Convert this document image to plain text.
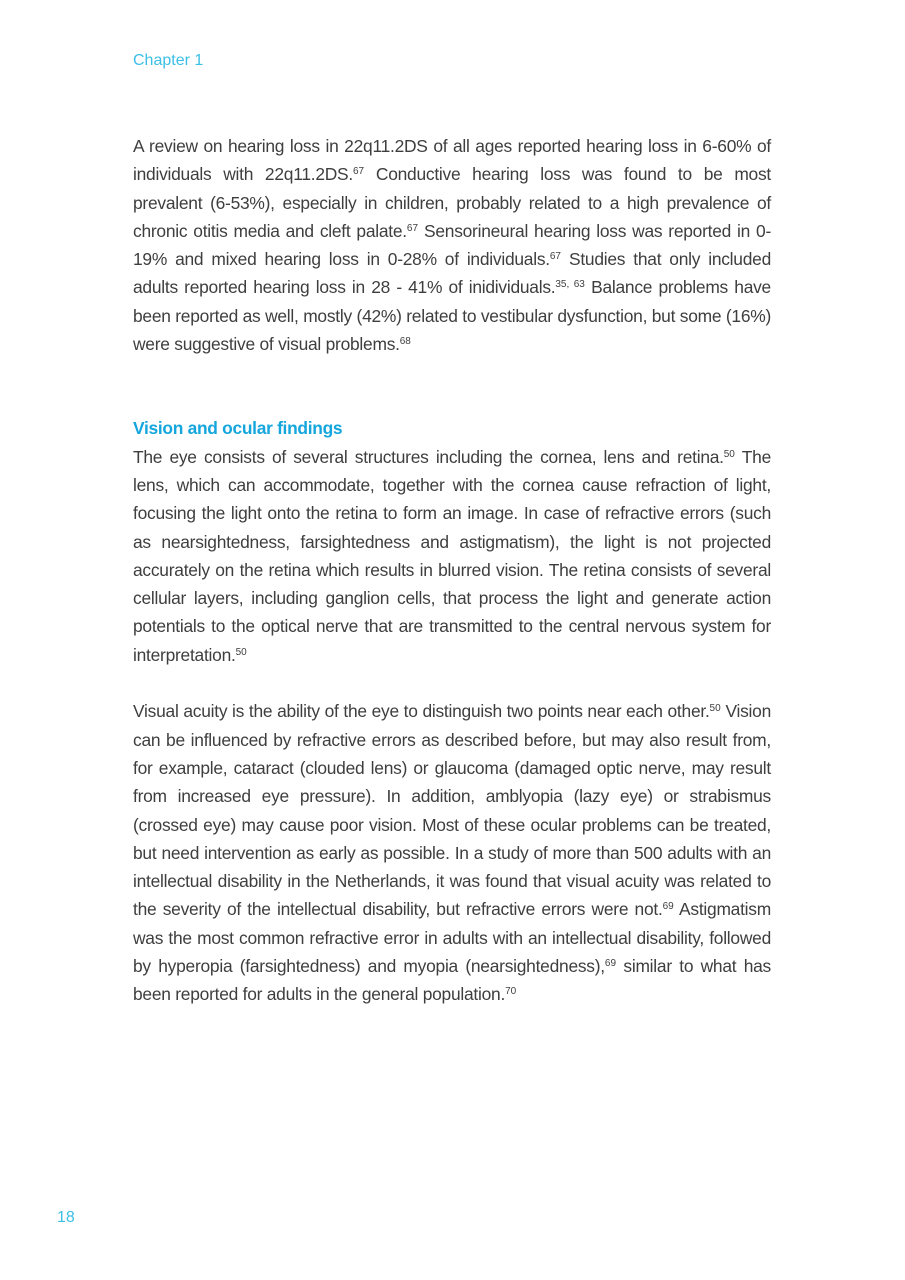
Chapter 1

A review on hearing loss in 22q11.2DS of all ages reported hearing loss in 6-60% of individuals with 22q11.2DS.$^{67}$ Conductive hearing loss was found to be most prevalent (6-53%), especially in children, probably related to a high prevalence of chronic otitis media and cleft palate.$^{67}$ Sensorineural hearing loss was reported in 0-19% and mixed hearing loss in 0-28% of individuals.$^{67}$ Studies that only included adults reported hearing loss in 28 - 41% of inidividuals.$^{35, 63}$ Balance problems have been reported as well, mostly (42%) related to vestibular dysfunction, but some (16%) were suggestive of visual problems.$^{68}$

Vision and ocular findings

The eye consists of several structures including the cornea, lens and retina.$^{50}$ The lens, which can accommodate, together with the cornea cause refraction of light, focusing the light onto the retina to form an image. In case of refractive errors (such as nearsightedness, farsightedness and astigmatism), the light is not projected accurately on the retina which results in blurred vision. The retina consists of several cellular layers, including ganglion cells, that process the light and generate action potentials to the optical nerve that are transmitted to the central nervous system for interpretation.$^{50}$

Visual acuity is the ability of the eye to distinguish two points near each other.$^{50}$ Vision can be influenced by refractive errors as described before, but may also result from, for example, cataract (clouded lens) or glaucoma (damaged optic nerve, may result from increased eye pressure). In addition, amblyopia (lazy eye) or strabismus (crossed eye) may cause poor vision. Most of these ocular problems can be treated, but need intervention as early as possible. In a study of more than 500 adults with an intellectual disability in the Netherlands, it was found that visual acuity was related to the severity of the intellectual disability, but refractive errors were not.$^{69}$ Astigmatism was the most common refractive error in adults with an intellectual disability, followed by hyperopia (farsightedness) and myopia (nearsightedness),$^{69}$ similar to what has been reported for adults in the general population.$^{70}$

18
